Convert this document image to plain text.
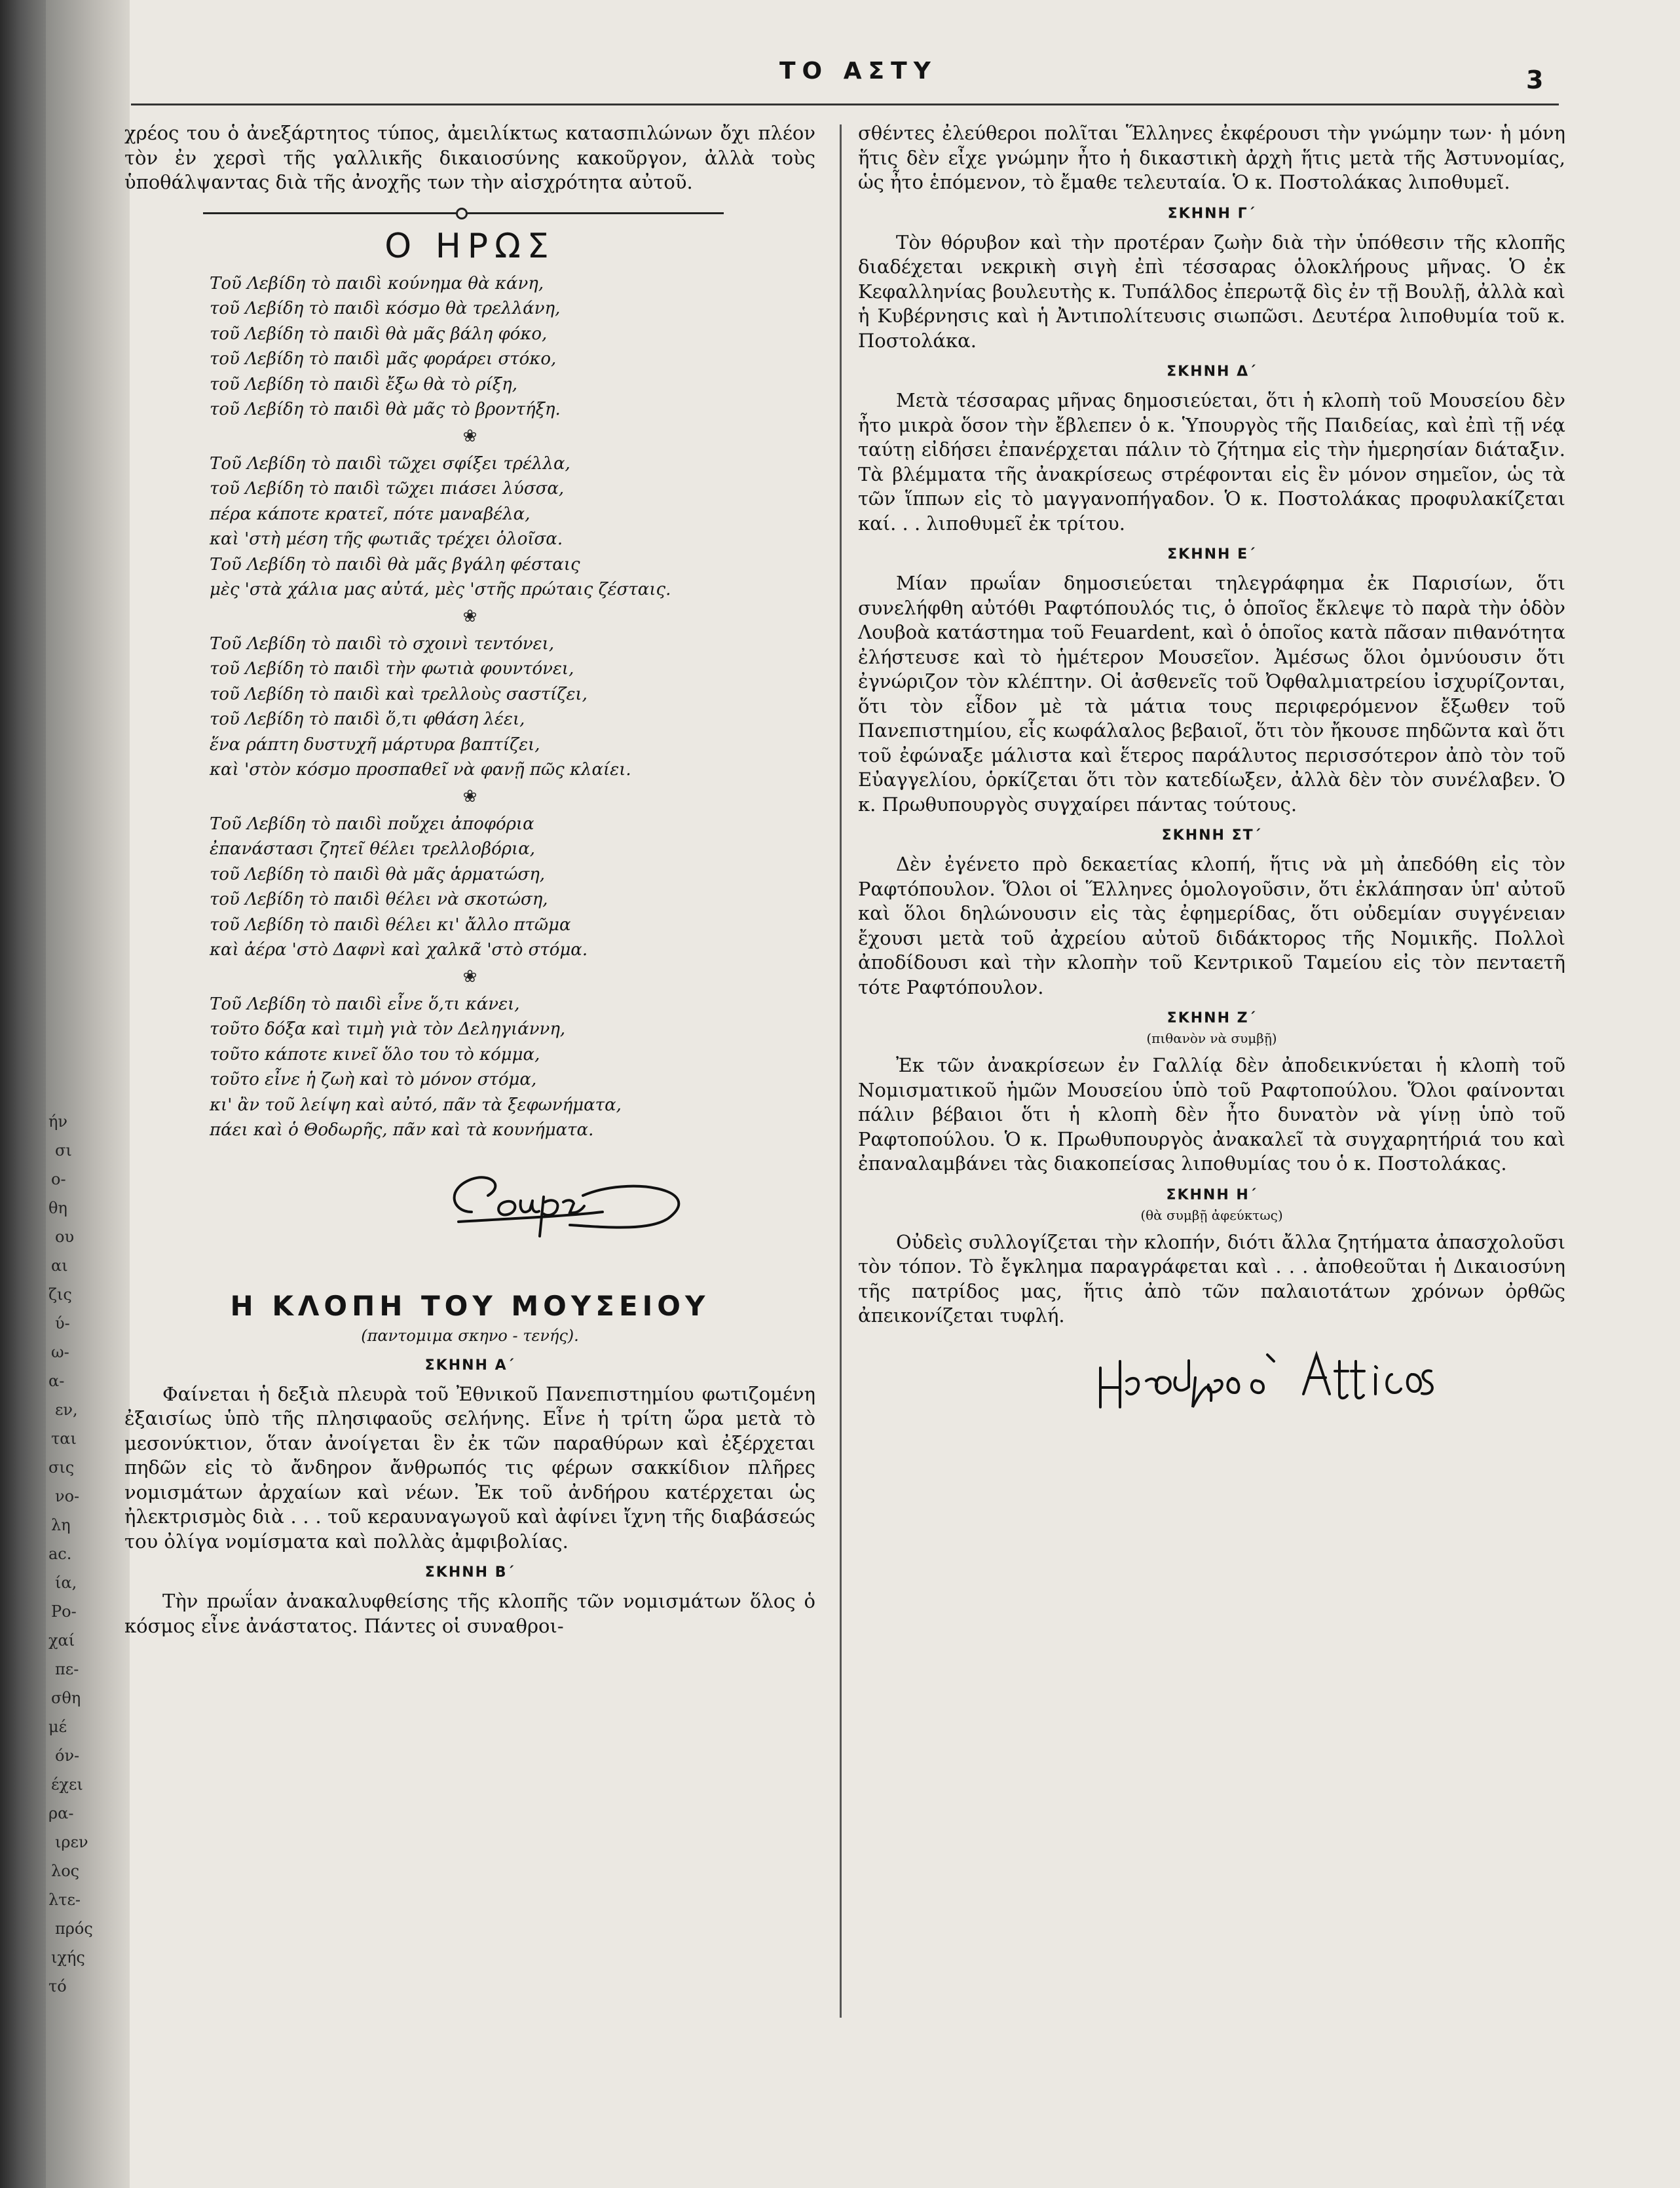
ήν
σι
ο-
θη
ου
αι
ζις
ύ-
ω-
α-
εν,
ται
σις
νο-
λη
ac.
ία,
Ρο-
χαί
πε-
σθη
μέ
όν-
έχει
ρα-
ιρεν
λος
λτε-
πρός
ιχής
τό
ΤΟ ΑΣΤΥ	3

χρέος του ὁ ἀνεξάρτητος τύπος, ἀμειλίκτως κατασπιλώνων ὄχι πλέον τὸν ἐν χερσὶ τῆς γαλλικῆς δικαιοσύνης κακοῦργον, ἀλλὰ τοὺς ὑποθάλψαντας διὰ τῆς ἀνοχῆς των τὴν αἰσχρότητα αὐτοῦ.

Ο ΗΡΩΣ
Τοῦ Λεβίδη τὸ παιδὶ κούνημα θὰ κάνη,
τοῦ Λεβίδη τὸ παιδὶ κόσμο θὰ τρελλάνη,
τοῦ Λεβίδη τὸ παιδὶ θὰ μᾶς βάλη φόκο,
τοῦ Λεβίδη τὸ παιδὶ μᾶς φοράρει στόκο,
τοῦ Λεβίδη τὸ παιδὶ ἔξω θὰ τὸ ρίξη,
τοῦ Λεβίδη τὸ παιδὶ θὰ μᾶς τὸ βροντήξη.
❀
Τοῦ Λεβίδη τὸ παιδὶ τῶχει σφίξει τρέλλα,
τοῦ Λεβίδη τὸ παιδὶ τῶχει πιάσει λύσσα,
πέρα κάποτε κρατεῖ, πότε μαναβέλα,
καὶ 'στὴ μέση τῆς φωτιᾶς τρέχει ὁλοῖσα.
Τοῦ Λεβίδη τὸ παιδὶ θὰ μᾶς βγάλη φέσταις
μὲς 'στὰ χάλια μας αὐτά, μὲς 'στῆς πρώταις ζέσταις.
❀
Τοῦ Λεβίδη τὸ παιδὶ τὸ σχοινὶ τεντόνει,
τοῦ Λεβίδη τὸ παιδὶ τὴν φωτιὰ φουντόνει,
τοῦ Λεβίδη τὸ παιδὶ καὶ τρελλοὺς σαστίζει,
τοῦ Λεβίδη τὸ παιδὶ ὅ,τι φθάση λέει,
ἕνα ράπτη δυστυχῆ μάρτυρα βαπτίζει,
καὶ 'στὸν κόσμο προσπαθεῖ νὰ φανῇ πῶς κλαίει.
❀
Τοῦ Λεβίδη τὸ παιδὶ ποὔχει ἀποφόρια
ἐπανάστασι ζητεῖ θέλει τρελλοβόρια,
τοῦ Λεβίδη τὸ παιδὶ θὰ μᾶς ἁρματώση,
τοῦ Λεβίδη τὸ παιδὶ θέλει νὰ σκοτώση,
τοῦ Λεβίδη τὸ παιδὶ θέλει κι' ἄλλο πτῶμα
καὶ ἀέρα 'στὸ Δαφνὶ καὶ χαλκᾶ 'στὸ στόμα.
❀
Τοῦ Λεβίδη τὸ παιδὶ εἶνε ὅ,τι κάνει,
τοῦτο δόξα καὶ τιμὴ γιὰ τὸν Δεληγιάννη,
τοῦτο κάποτε κινεῖ ὅλο του τὸ κόμμα,
τοῦτο εἶνε ἡ ζωὴ καὶ τὸ μόνον στόμα,
κι' ἂν τοῦ λείψη καὶ αὐτό, πᾶν τὰ ξεφωνήματα,
πάει καὶ ὁ Θοδωρῆς, πᾶν καὶ τὰ κουνήματα.
Η ΚΛΟΠΗ ΤΟΥ ΜΟΥΣΕΙΟΥ
(παντομιμα σκηνο - τενής).
ΣΚΗΝΗ Α΄

Φαίνεται ἡ δεξιὰ πλευρὰ τοῦ Ἐθνικοῦ Πανεπιστημίου φωτιζομένη ἐξαισίως ὑπὸ τῆς πλησιφαοῦς σελήνης. Εἶνε ἡ τρίτη ὥρα μετὰ τὸ μεσονύκτιον, ὅταν ἀνοίγεται ἓν ἐκ τῶν παραθύρων καὶ ἐξέρχεται πηδῶν εἰς τὸ ἄνδηρον ἄνθρωπός τις φέρων σακκίδιον πλῆρες νομισμάτων ἀρχαίων καὶ νέων. Ἐκ τοῦ ἀνδήρου κατέρχεται ὡς ἠλεκτρισμὸς διὰ . . . τοῦ κεραυναγωγοῦ καὶ ἀφίνει ἴχνη τῆς διαβάσεώς του ὀλίγα νομίσματα καὶ πολλὰς ἀμφιβολίας.

ΣΚΗΝΗ Β΄

Τὴν πρωΐαν ἀνακαλυφθείσης τῆς κλοπῆς τῶν νομισμάτων ὅλος ὁ κόσμος εἶνε ἀνάστατος. Πάντες οἱ συναθροι-

σθέντες ἐλεύθεροι πολῖται Ἕλληνες ἐκφέρουσι τὴν γνώμην των· ἡ μόνη ἥτις δὲν εἶχε γνώμην ἦτο ἡ δικαστικὴ ἀρχὴ ἥτις μετὰ τῆς Ἀστυνομίας, ὡς ἦτο ἑπόμενον, τὸ ἔμαθε τελευταία. Ὁ κ. Ποστολάκας λιποθυμεῖ.

ΣΚΗΝΗ Γ΄

Τὸν θόρυβον καὶ τὴν προτέραν ζωὴν διὰ τὴν ὑπόθεσιν τῆς κλοπῆς διαδέχεται νεκρικὴ σιγὴ ἐπὶ τέσσαρας ὁλοκλήρους μῆνας. Ὁ ἐκ Κεφαλληνίας βουλευτὴς κ. Τυπάλδος ἐπερωτᾷ δὶς ἐν τῇ Βουλῇ, ἀλλὰ καὶ ἡ Κυβέρνησις καὶ ἡ Ἀντιπολίτευσις σιωπῶσι. Δευτέρα λιποθυμία τοῦ κ. Ποστολάκα.

ΣΚΗΝΗ Δ΄

Μετὰ τέσσαρας μῆνας δημοσιεύεται, ὅτι ἡ κλοπὴ τοῦ Μουσείου δὲν ἦτο μικρὰ ὅσον τὴν ἔβλεπεν ὁ κ. Ὑπουργὸς τῆς Παιδείας, καὶ ἐπὶ τῇ νέᾳ ταύτῃ εἰδήσει ἐπανέρχεται πάλιν τὸ ζήτημα εἰς τὴν ἡμερησίαν διάταξιν. Τὰ βλέμματα τῆς ἀνακρίσεως στρέφονται εἰς ἓν μόνον σημεῖον, ὡς τὰ τῶν ἵππων εἰς τὸ μαγγανοπήγαδον. Ὁ κ. Ποστολάκας προφυλακίζεται καί. . . λιποθυμεῖ ἐκ τρίτου.

ΣΚΗΝΗ Ε΄

Μίαν πρωΐαν δημοσιεύεται τηλεγράφημα ἐκ Παρισίων, ὅτι συνελήφθη αὐτόθι Ραφτόπουλός τις, ὁ ὁποῖος ἔκλεψε τὸ παρὰ τὴν ὁδὸν Λουβοὰ κατάστημα τοῦ Feuardent, καὶ ὁ ὁποῖος κατὰ πᾶσαν πιθανότητα ἐλήστευσε καὶ τὸ ἡμέτερον Μουσεῖον. Ἀμέσως ὅλοι ὀμνύουσιν ὅτι ἐγνώριζον τὸν κλέπτην. Οἱ ἀσθενεῖς τοῦ Ὀφθαλμιατρείου ἰσχυρίζονται, ὅτι τὸν εἶδον μὲ τὰ μάτια τους περιφερόμενον ἔξωθεν τοῦ Πανεπιστημίου, εἷς κωφάλαλος βεβαιοῖ, ὅτι τὸν ἤκουσε πηδῶντα καὶ ὅτι τοῦ ἐφώναξε μάλιστα καὶ ἕτερος παράλυτος περισσότερον ἀπὸ τὸν τοῦ Εὐαγγελίου, ὁρκίζεται ὅτι τὸν κατεδίωξεν, ἀλλὰ δὲν τὸν συνέλαβεν. Ὁ κ. Πρωθυπουργὸς συγχαίρει πάντας τούτους.

ΣΚΗΝΗ ΣΤ΄

Δὲν ἐγένετο πρὸ δεκαετίας κλοπή, ἥτις νὰ μὴ ἀπεδόθη εἰς τὸν Ραφτόπουλον. Ὅλοι οἱ Ἕλληνες ὁμολογοῦσιν, ὅτι ἐκλάπησαν ὑπ' αὐτοῦ καὶ ὅλοι δηλώνουσιν εἰς τὰς ἐφημερίδας, ὅτι οὐδεμίαν συγγένειαν ἔχουσι μετὰ τοῦ ἀχρείου αὐτοῦ διδάκτορος τῆς Νομικῆς. Πολλοὶ ἀποδίδουσι καὶ τὴν κλοπὴν τοῦ Κεντρικοῦ Ταμείου εἰς τὸν πενταετῆ τότε Ραφτόπουλον.

ΣΚΗΝΗ Ζ΄
(πιθανὸν νὰ συμβῇ)

Ἐκ τῶν ἀνακρίσεων ἐν Γαλλίᾳ δὲν ἀποδεικνύεται ἡ κλοπὴ τοῦ Νομισματικοῦ ἡμῶν Μουσείου ὑπὸ τοῦ Ραφτοπούλου. Ὅλοι φαίνονται πάλιν βέβαιοι ὅτι ἡ κλοπὴ δὲν ἦτο δυνατὸν νὰ γίνῃ ὑπὸ τοῦ Ραφτοπούλου. Ὁ κ. Πρωθυπουργὸς ἀνακαλεῖ τὰ συγχαρητήριά του καὶ ἐπαναλαμβάνει τὰς διακοπείσας λιποθυμίας του ὁ κ. Ποστολάκας.

ΣΚΗΝΗ Η΄
(θὰ συμβῇ ἀφεύκτως)

Οὐδεὶς συλλογίζεται τὴν κλοπήν, διότι ἄλλα ζητήματα ἀπασχολοῦσι τὸν τόπον. Τὸ ἔγκλημα παραγράφεται καὶ . . . ἀποθεοῦται ἡ Δικαιοσύνη τῆς πατρίδος μας, ἥτις ἀπὸ τῶν παλαιοτάτων χρόνων ὀρθῶς ἀπεικονίζεται τυφλή.
